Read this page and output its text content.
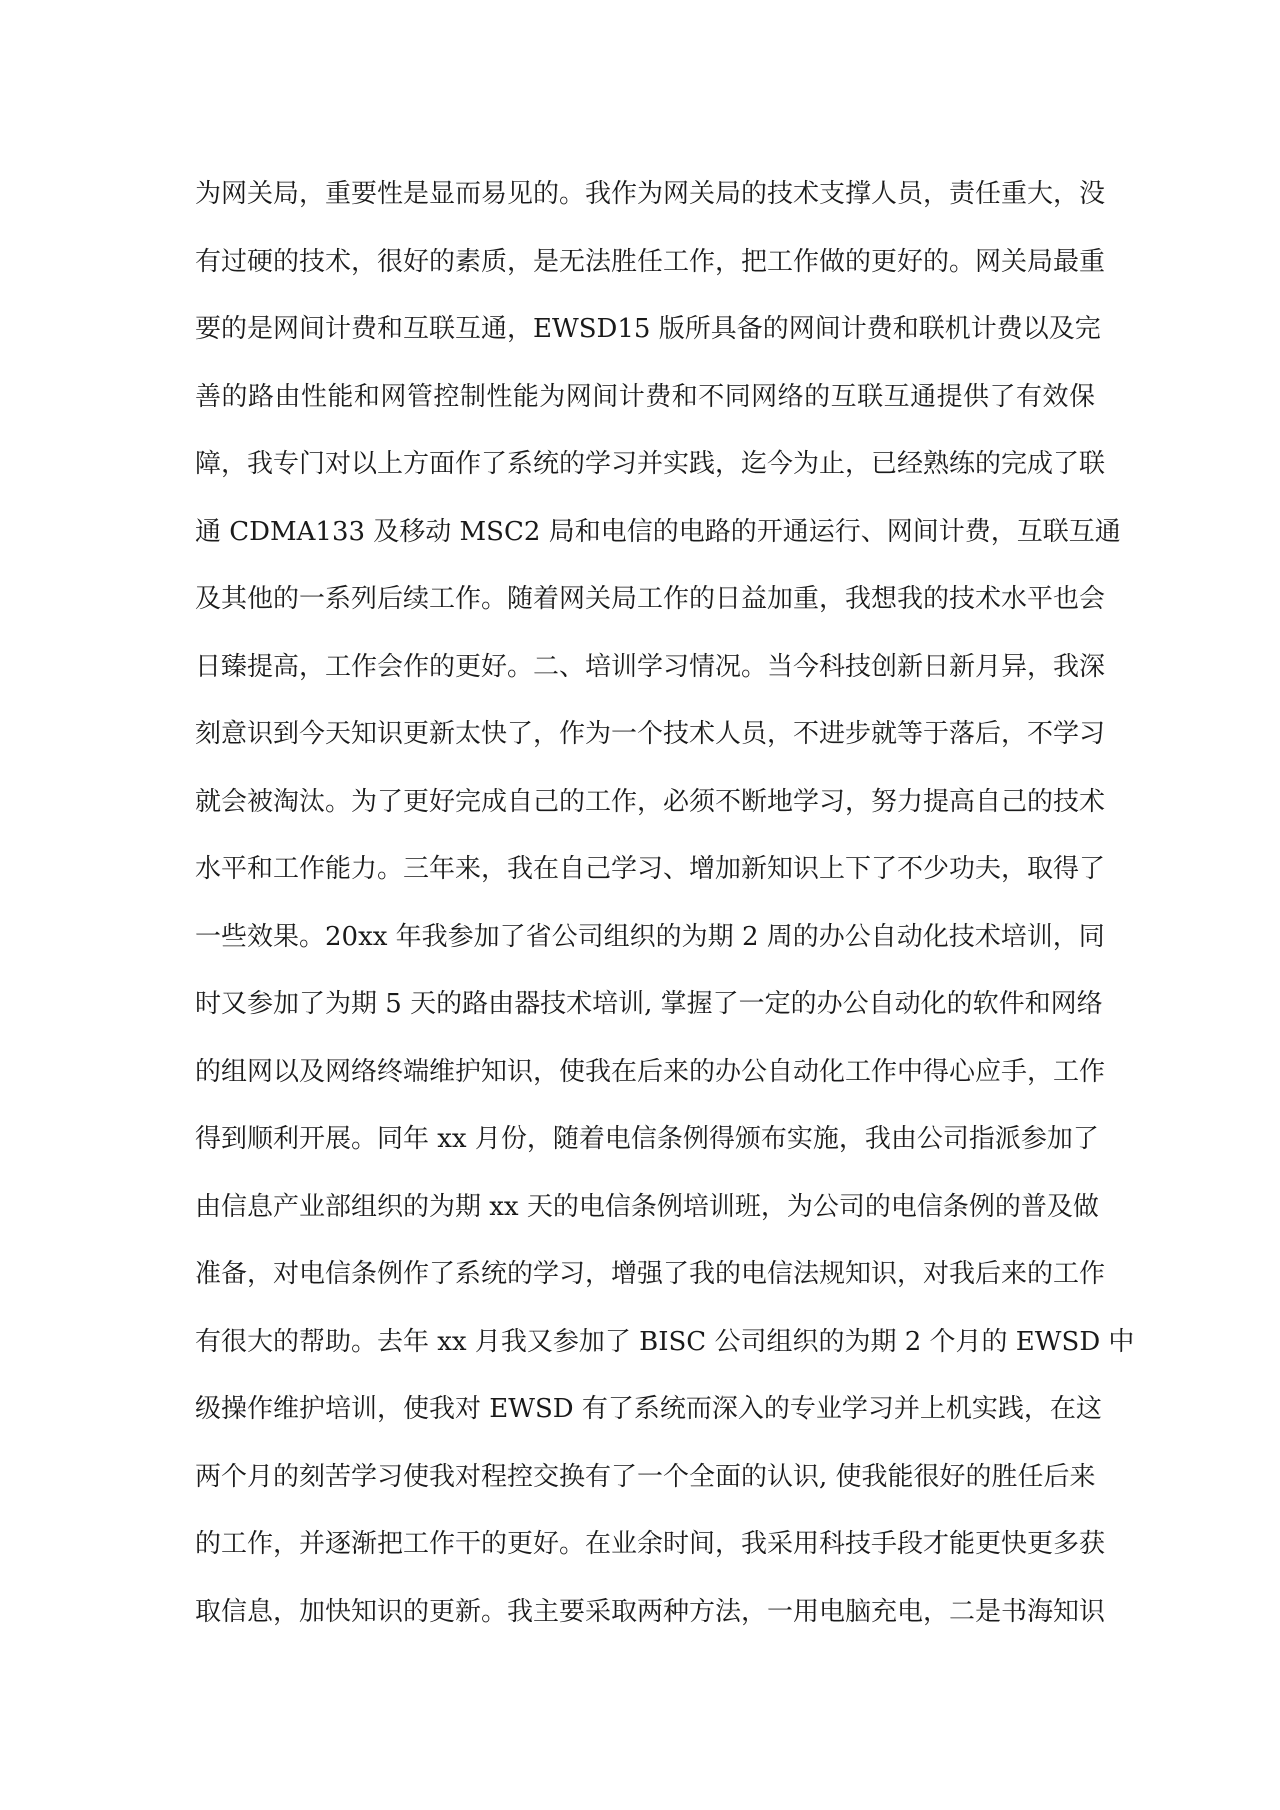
为网关局，重要性是显而易见的。我作为网关局的技术支撑人员，责任重大，没
有过硬的技术，很好的素质，是无法胜任工作，把工作做的更好的。网关局最重
要的是网间计费和互联互通，EWSD15 版所具备的网间计费和联机计费以及完
善的路由性能和网管控制性能为网间计费和不同网络的互联互通提供了有效保
障，我专门对以上方面作了系统的学习并实践，迄今为止，已经熟练的完成了联
通 CDMA133 及移动 MSC2 局和电信的电路的开通运行、网间计费，互联互通
及其他的一系列后续工作。随着网关局工作的日益加重，我想我的技术水平也会
日臻提高，工作会作的更好。二、培训学习情况。当今科技创新日新月异，我深
刻意识到今天知识更新太快了，作为一个技术人员，不进步就等于落后，不学习
就会被淘汰。为了更好完成自己的工作，必须不断地学习，努力提高自己的技术
水平和工作能力。三年来，我在自己学习、增加新知识上下了不少功夫，取得了
一些效果。20xx 年我参加了省公司组织的为期 2 周的办公自动化技术培训，同
时又参加了为期 5 天的路由器技术培训, 掌握了一定的办公自动化的软件和网络
的组网以及网络终端维护知识，使我在后来的办公自动化工作中得心应手，工作
得到顺利开展。同年 xx 月份，随着电信条例得颁布实施，我由公司指派参加了
由信息产业部组织的为期 xx 天的电信条例培训班，为公司的电信条例的普及做
准备，对电信条例作了系统的学习，增强了我的电信法规知识，对我后来的工作
有很大的帮助。去年 xx 月我又参加了 BISC 公司组织的为期 2 个月的 EWSD 中
级操作维护培训，使我对 EWSD 有了系统而深入的专业学习并上机实践，在这
两个月的刻苦学习使我对程控交换有了一个全面的认识, 使我能很好的胜任后来
的工作，并逐渐把工作干的更好。在业余时间，我采用科技手段才能更快更多获
取信息，加快知识的更新。我主要采取两种方法，一用电脑充电，二是书海知识
